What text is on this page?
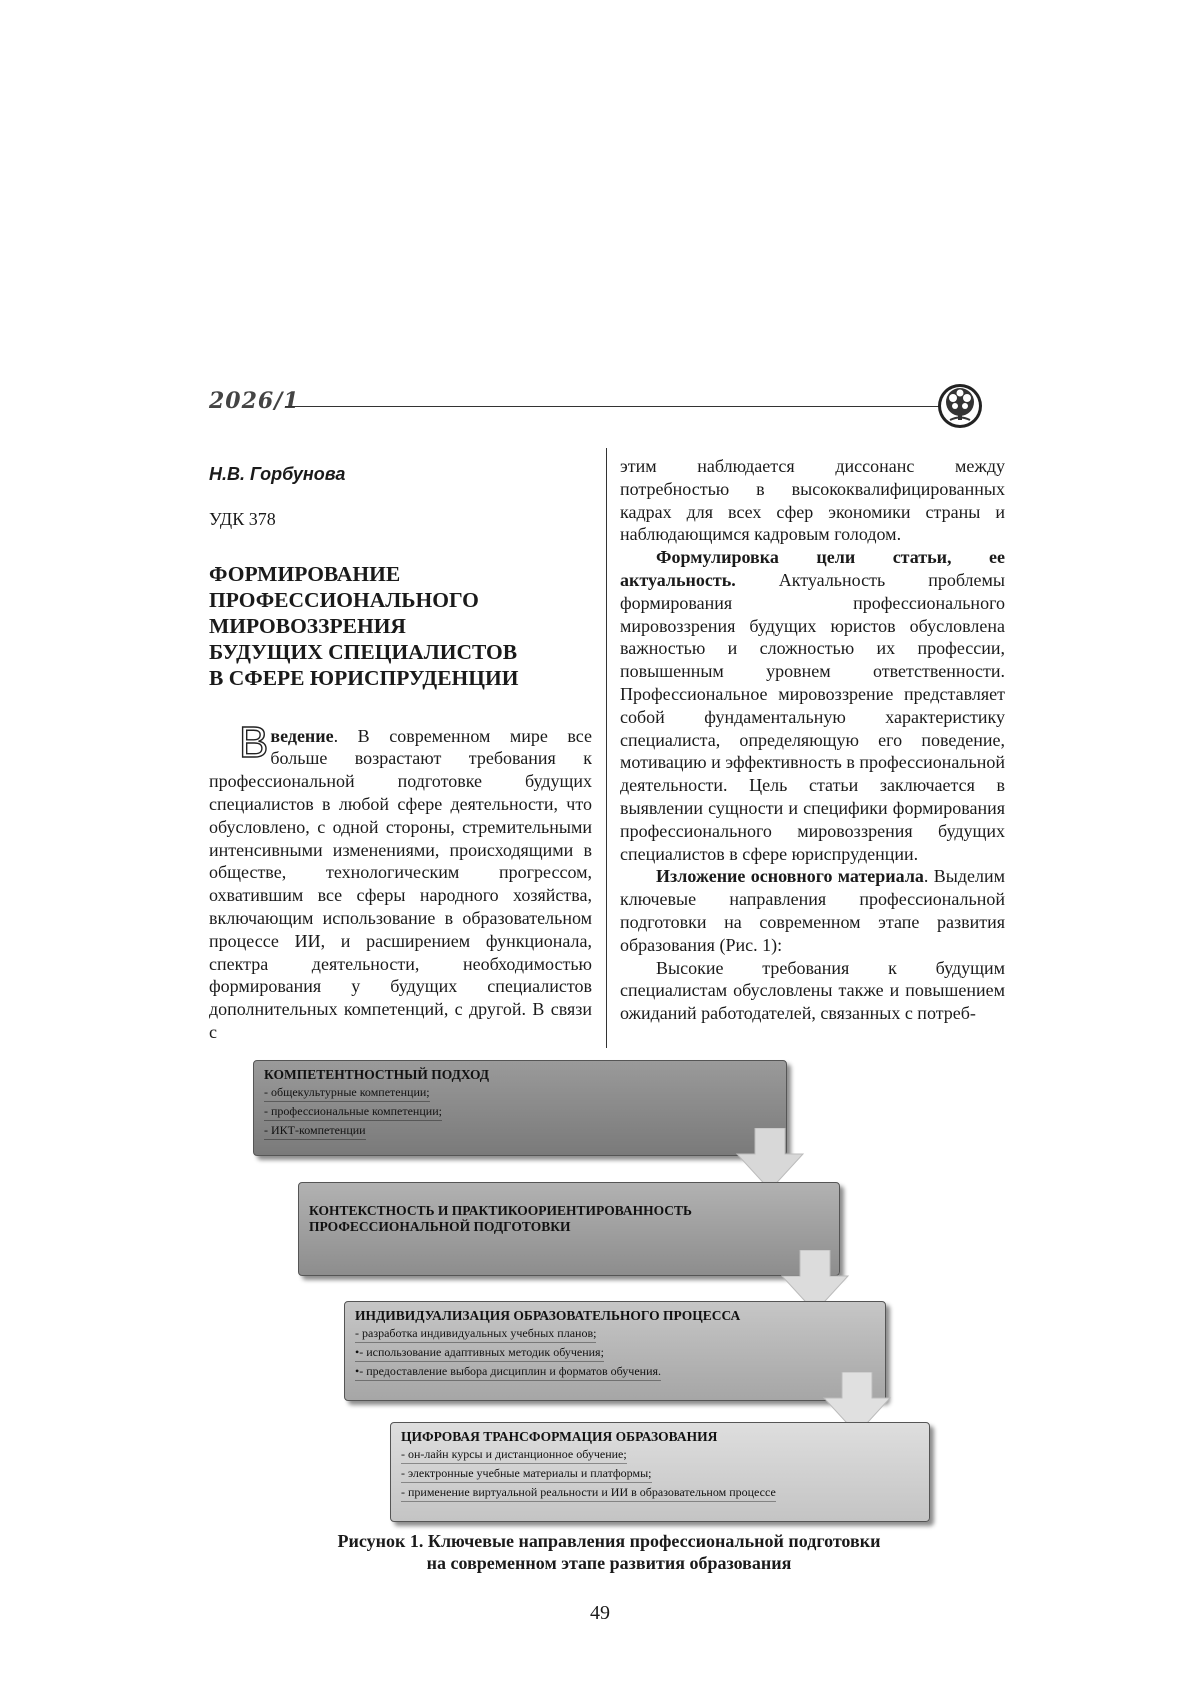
2026/1

Н.В. Горбунова

УДК 378

ФОРМИРОВАНИЕ
ПРОФЕССИОНАЛЬНОГО
МИРОВОЗЗРЕНИЯ
БУДУЩИХ СПЕЦИАЛИСТОВ
В СФЕРЕ ЮРИСПРУДЕНЦИИ

Введение. В современном мире все больше возрастают требования к профессиональной подготовке будущих специалистов в любой сфере деятельности, что обусловлено, с одной стороны, стремительными интенсивными изменениями, происходящими в обществе, технологическим прогрессом, охватившим все сферы народного хозяйства, включающим использование в образовательном процессе ИИ, и расширением функционала, спектра деятельности, необходимостью формирования у будущих специалистов дополнительных компетенций, с другой. В связи с

этим наблюдается диссонанс между потребностью в высококвалифицированных кадрах для всех сфер экономики страны и наблюдающимся кадровым голодом.

Формулировка цели статьи, ее актуальность. Актуальность проблемы формирования профессионального мировоззрения будущих юристов обусловлена важностью и сложностью их профессии, повышенным уровнем ответственности. Профессиональное мировоззрение представляет собой фундаментальную характеристику специалиста, определяющую его поведение, мотивацию и эффективность в профессиональной деятельности. Цель статьи заключается в выявлении сущности и специфики формирования профессионального мировоззрения будущих специалистов в сфере юриспруденции.

Изложение основного материала. Выделим ключевые направления профессиональной подготовки на современном этапе развития образования (Рис. 1):

Высокие требования к будущим специалистам обусловлены также и повышением ожиданий работодателей, связанных с потреб-

КОМПЕТЕНТНОСТНЫЙ ПОДХОД
- общекультурные компетенции;
- профессиональные компетенции;
- ИКТ-компетенции
КОНТЕКСТНОСТЬ И ПРАКТИКООРИЕНТИРОВАННОСТЬ ПРОФЕССИОНАЛЬНОЙ ПОДГОТОВКИ
ИНДИВИДУАЛИЗАЦИЯ ОБРАЗОВАТЕЛЬНОГО ПРОЦЕССА
- разработка индивидуальных учебных планов;
•- использование адаптивных методик обучения;
•- предоставление выбора дисциплин и форматов обучения.
ЦИФРОВАЯ ТРАНСФОРМАЦИЯ ОБРАЗОВАНИЯ
- он-лайн курсы и дистанционное обучение;
- электронные учебные материалы и платформы;
- применение виртуальной реальности и ИИ в образовательном процессе
Рисунок 1. Ключевые направления профессиональной подготовки
на современном этапе развития образования
49
